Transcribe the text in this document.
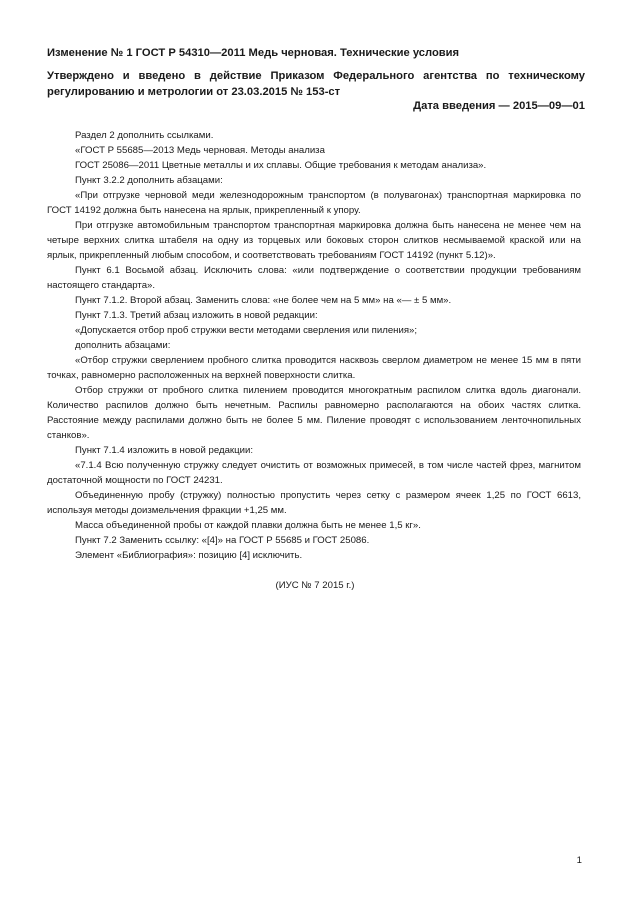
Изменение № 1 ГОСТ Р 54310—2011 Медь черновая. Технические условия

Утверждено и введено в действие Приказом Федерального агентства по техническому регулированию и метрологии от 23.03.2015 № 153-ст

Дата введения — 2015—09—01

Раздел 2 дополнить ссылками.

«ГОСТ Р 55685—2013 Медь черновая. Методы анализа

ГОСТ 25086—2011 Цветные металлы и их сплавы. Общие требования к методам анализа».

Пункт 3.2.2 дополнить абзацами:

«При отгрузке черновой меди железнодорожным транспортом (в полувагонах) транспортная маркировка по ГОСТ 14192 должна быть нанесена на ярлык, прикрепленный к упору.

При отгрузке автомобильным транспортом транспортная маркировка должна быть нанесена не менее чем на четыре верхних слитка штабеля на одну из торцевых или боковых сторон слитков несмываемой краской или на ярлык, прикрепленный любым способом, и соответствовать требованиям ГОСТ 14192 (пункт 5.12)».

Пункт 6.1 Восьмой абзац. Исключить слова: «или подтверждение о соответствии продукции требованиям настоящего стандарта».

Пункт 7.1.2. Второй абзац. Заменить слова: «не более чем на 5 мм» на «— ± 5 мм».

Пункт 7.1.3. Третий абзац изложить в новой редакции:

«Допускается отбор проб стружки вести методами сверления или пиления»;

дополнить абзацами:

«Отбор стружки сверлением пробного слитка проводится насквозь сверлом диаметром не менее 15 мм в пяти точках, равномерно расположенных на верхней поверхности слитка.

Отбор стружки от пробного слитка пилением проводится многократным распилом слитка вдоль диагонали. Количество распилов должно быть нечетным. Распилы равномерно располагаются на обоих частях слитка. Расстояние между распилами должно быть не более 5 мм. Пиление проводят с использованием ленточнопильных станков».

Пункт 7.1.4 изложить в новой редакции:

«7.1.4 Всю полученную стружку следует очистить от возможных примесей, в том числе частей фрез, магнитом достаточной мощности по ГОСТ 24231.

Объединенную пробу (стружку) полностью пропустить через сетку с размером ячеек 1,25 по ГОСТ 6613, используя методы доизмельчения фракции +1,25 мм.

Масса объединенной пробы от каждой плавки должна быть не менее 1,5 кг».

Пункт 7.2 Заменить ссылку: «[4]» на ГОСТ Р 55685 и ГОСТ 25086.

Элемент «Библиография»: позицию [4] исключить.

(ИУС № 7 2015 г.)
1
